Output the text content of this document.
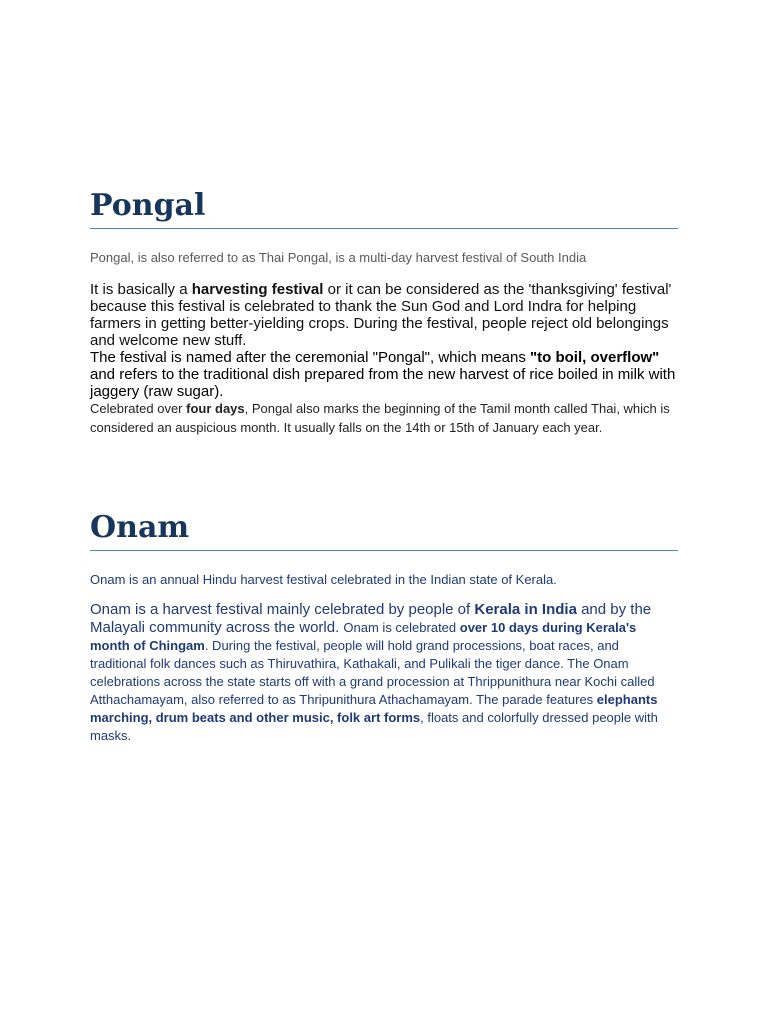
Pongal

Pongal, is also referred to as Thai Pongal, is a multi-day harvest festival of South India

It is basically a harvesting festival or it can be considered as the 'thanksgiving' festival' because this festival is celebrated to thank the Sun God and Lord Indra for helping farmers in getting better-yielding crops. During the festival, people reject old belongings and welcome new stuff.

The festival is named after the ceremonial "Pongal", which means "to boil, overflow" and refers to the traditional dish prepared from the new harvest of rice boiled in milk with jaggery (raw sugar).

Celebrated over four days, Pongal also marks the beginning of the Tamil month called Thai, which is considered an auspicious month. It usually falls on the 14th or 15th of January each year.

Onam

Onam is an annual Hindu harvest festival celebrated in the Indian state of Kerala.

Onam is a harvest festival mainly celebrated by people of Kerala in India and by the Malayali community across the world. Onam is celebrated over 10 days during Kerala's month of Chingam. During the festival, people will hold grand processions, boat races, and traditional folk dances such as Thiruvathira, Kathakali, and Pulikali the tiger dance. The Onam celebrations across the state starts off with a grand procession at Thrippunithura near Kochi called Atthachamayam, also referred to as Thripunithura Athachamayam. The parade features elephants marching, drum beats and other music, folk art forms, floats and colorfully dressed people with masks.
